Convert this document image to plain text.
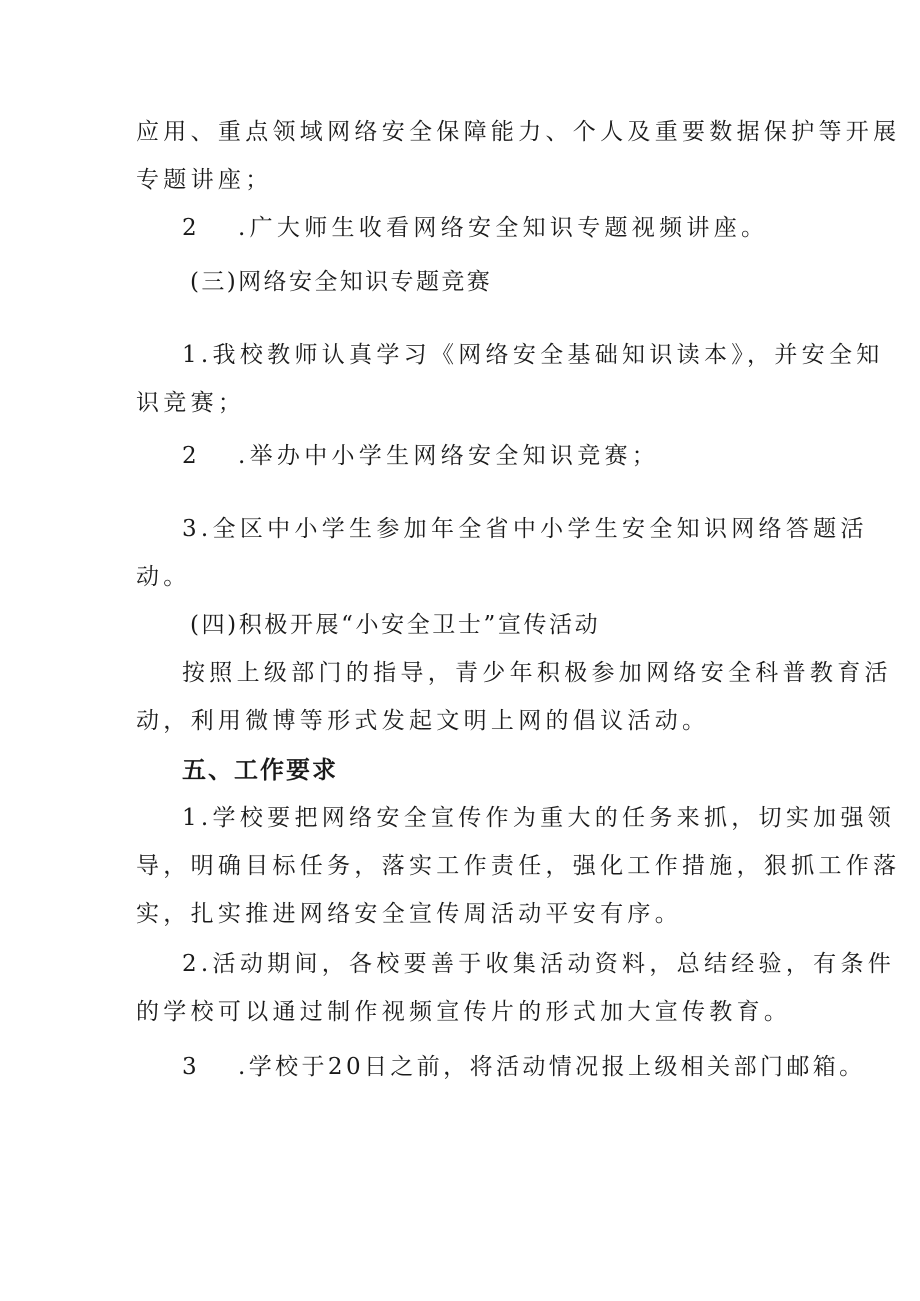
应用、重点领域网络安全保障能力、个人及重要数据保护等开展
专题讲座；
2 .广大师生收看网络安全知识专题视频讲座。
(三)网络安全知识专题竞赛
1.我校教师认真学习《网络安全基础知识读本》，并安全知
识竞赛；
2 .举办中小学生网络安全知识竞赛；
3.全区中小学生参加年全省中小学生安全知识网络答题活
动。
(四)积极开展“小安全卫士”宣传活动
按照上级部门的指导，青少年积极参加网络安全科普教育活
动，利用微博等形式发起文明上网的倡议活动。
五、工作要求
1.学校要把网络安全宣传作为重大的任务来抓，切实加强领
导，明确目标任务，落实工作责任，强化工作措施，狠抓工作落
实，扎实推进网络安全宣传周活动平安有序。
2.活动期间，各校要善于收集活动资料，总结经验，有条件
的学校可以通过制作视频宣传片的形式加大宣传教育。
3 .学校于20日之前，将活动情况报上级相关部门邮箱。
